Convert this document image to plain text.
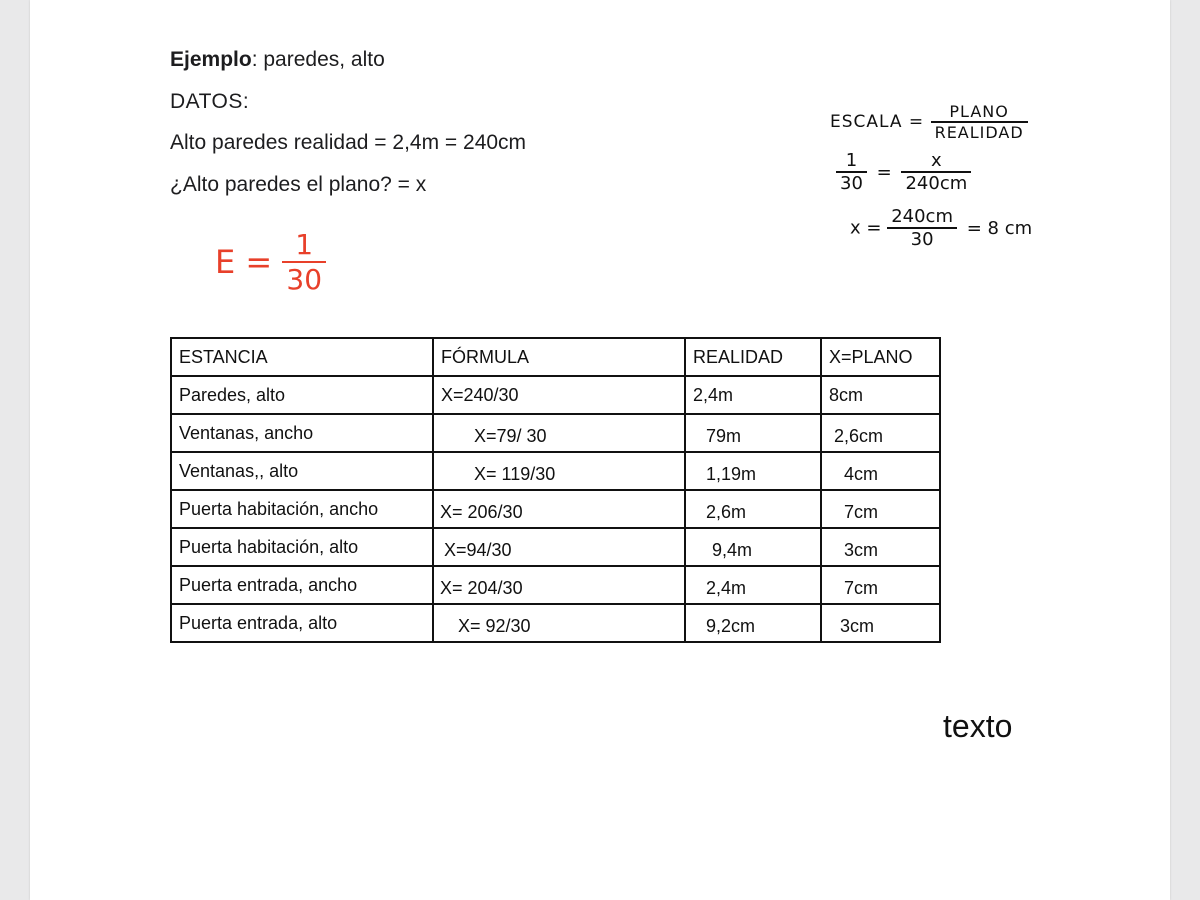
Ejemplo: paredes, alto
DATOS:
Alto paredes realidad = 2,4m = 240cm
¿Alto paredes el plano? = x
$E = \frac{1}{30}$
ESCALA = $\frac{\text{PLANO}}{\text{REALIDAD}}$
$\frac{1}{30} = \frac{x}{240cm}$
$x = \frac{240cm}{30} = 8$ cm
ESTANCIA	FÓRMULA	REALIDAD	X=PLANO
Paredes, alto	X=240/30	2,4m	8cm
Ventanas, ancho	X=79/ 30	79m	2,6cm
Ventanas,, alto	X= 119/30	1,19m	4cm
Puerta habitación, ancho	X= 206/30	2,6m	7cm
Puerta habitación, alto	X=94/30	9,4m	3cm
Puerta entrada, ancho	X= 204/30	2,4m	7cm
Puerta entrada, alto	X= 92/30	9,2cm	3cm
texto
